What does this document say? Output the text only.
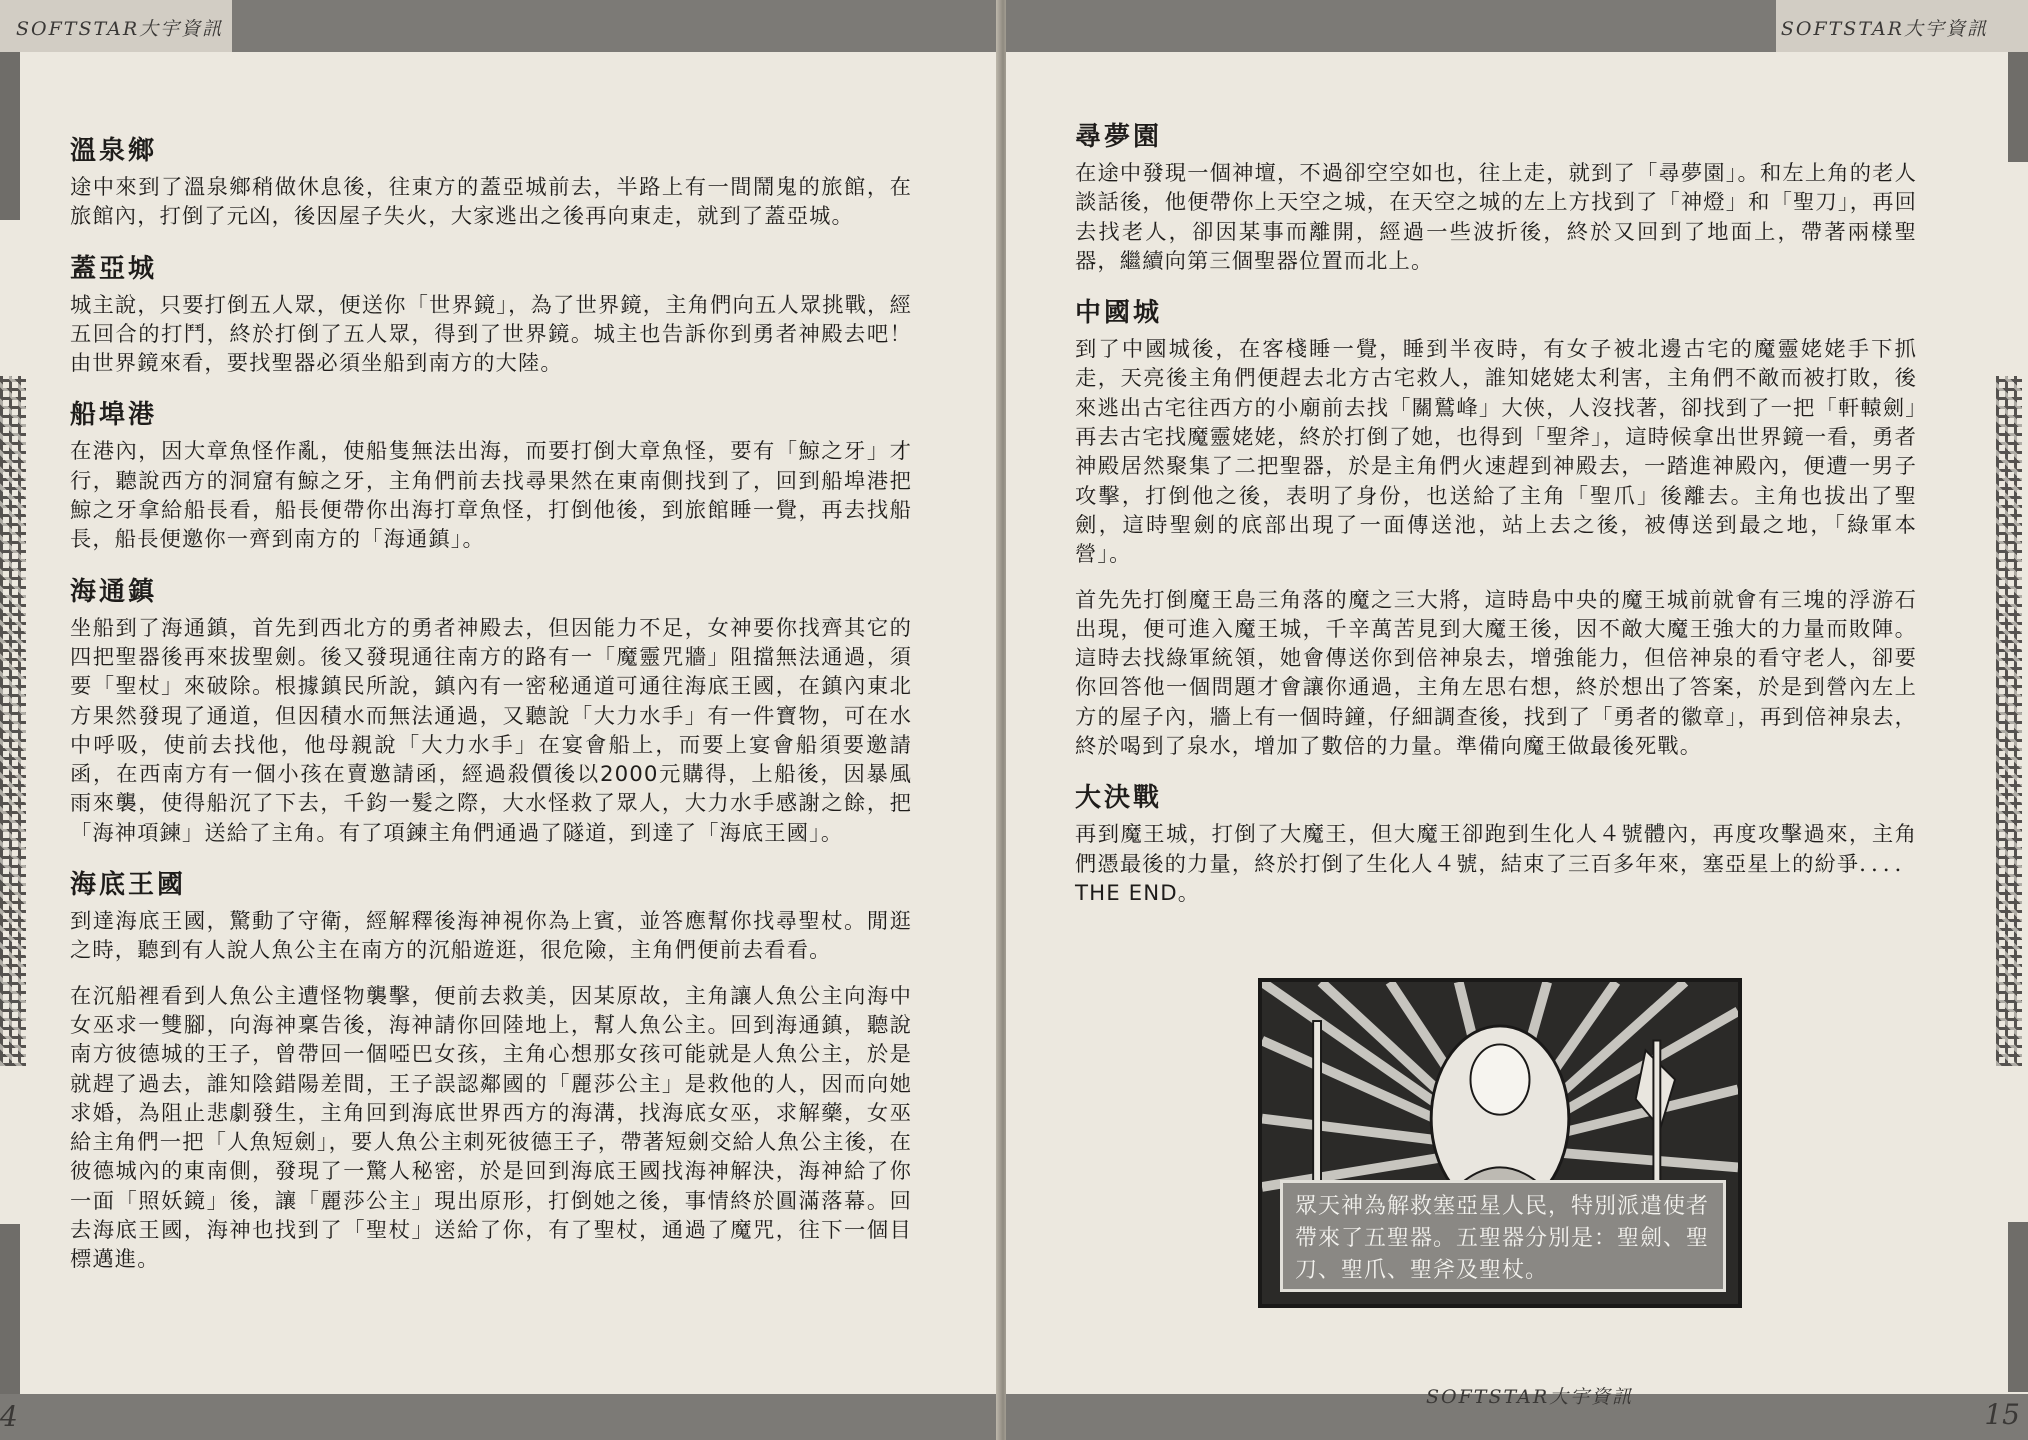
SOFTSTAR大宇資訊
4
溫泉鄉

途中來到了溫泉鄉稍做休息後，往東方的蓋亞城前去，半路上有一間鬧鬼的旅館，在旅館內，打倒了元凶，後因屋子失火，大家逃出之後再向東走，就到了蓋亞城。

蓋亞城

城主說，只要打倒五人眾，便送你「世界鏡」，為了世界鏡，主角們向五人眾挑戰，經五回合的打鬥，終於打倒了五人眾，得到了世界鏡。城主也告訴你到勇者神殿去吧！由世界鏡來看，要找聖器必須坐船到南方的大陸。

船埠港

在港內，因大章魚怪作亂，使船隻無法出海，而要打倒大章魚怪，要有「鯨之牙」才行，聽說西方的洞窟有鯨之牙，主角們前去找尋果然在東南側找到了，回到船埠港把鯨之牙拿給船長看，船長便帶你出海打章魚怪，打倒他後，到旅館睡一覺，再去找船長，船長便邀你一齊到南方的「海通鎮」。

海通鎮

坐船到了海通鎮，首先到西北方的勇者神殿去，但因能力不足，女神要你找齊其它的四把聖器後再來拔聖劍。後又發現通往南方的路有一「魔靈咒牆」阻擋無法通過，須要「聖杖」來破除。根據鎮民所說，鎮內有一密秘通道可通往海底王國，在鎮內東北方果然發現了通道，但因積水而無法通過，又聽說「大力水手」有一件寶物，可在水中呼吸，使前去找他，他母親說「大力水手」在宴會船上，而要上宴會船須要邀請函，在西南方有一個小孩在賣邀請函，經過殺價後以2000元購得，上船後，因暴風雨來襲，使得船沉了下去，千鈞一髮之際，大水怪救了眾人，大力水手感謝之餘，把「海神項鍊」送給了主角。有了項鍊主角們通過了隧道，到達了「海底王國」。

海底王國

到達海底王國，驚動了守衛，經解釋後海神視你為上賓，並答應幫你找尋聖杖。閒逛之時，聽到有人說人魚公主在南方的沉船遊逛，很危險，主角們便前去看看。

在沉船裡看到人魚公主遭怪物襲擊，便前去救美，因某原故，主角讓人魚公主向海中女巫求一雙腳，向海神稟告後，海神請你回陸地上，幫人魚公主。回到海通鎮，聽說南方彼德城的王子，曾帶回一個啞巴女孩，主角心想那女孩可能就是人魚公主，於是就趕了過去，誰知陰錯陽差間，王子誤認鄰國的「麗莎公主」是救他的人，因而向她求婚，為阻止悲劇發生，主角回到海底世界西方的海溝，找海底女巫，求解藥，女巫給主角們一把「人魚短劍」，要人魚公主刺死彼德王子，帶著短劍交給人魚公主後，在彼德城內的東南側，發現了一驚人秘密，於是回到海底王國找海神解決，海神給了你一面「照妖鏡」後，讓「麗莎公主」現出原形，打倒她之後，事情終於圓滿落幕。回去海底王國，海神也找到了「聖杖」送給了你，有了聖杖，通過了魔咒，往下一個目標邁進。

SOFTSTAR大宇資訊
SOFTSTAR大宇資訊
15
尋夢園

在途中發現一個神壇，不過卻空空如也，往上走，就到了「尋夢園」。和左上角的老人談話後，他便帶你上天空之城，在天空之城的左上方找到了「神燈」和「聖刀」，再回去找老人，卻因某事而離開，經過一些波折後，終於又回到了地面上，帶著兩樣聖器，繼續向第三個聖器位置而北上。

中國城

到了中國城後，在客棧睡一覺，睡到半夜時，有女子被北邊古宅的魔靈姥姥手下抓走，天亮後主角們便趕去北方古宅救人，誰知姥姥太利害，主角們不敵而被打敗，後來逃出古宅往西方的小廟前去找「關鷲峰」大俠，人沒找著，卻找到了一把「軒轅劍」再去古宅找魔靈姥姥，終於打倒了她，也得到「聖斧」，這時候拿出世界鏡一看，勇者神殿居然聚集了二把聖器，於是主角們火速趕到神殿去，一踏進神殿內，便遭一男子攻擊，打倒他之後，表明了身份，也送給了主角「聖爪」後離去。主角也拔出了聖劍，這時聖劍的底部出現了一面傳送池，站上去之後，被傳送到最之地，「綠軍本營」。

首先先打倒魔王島三角落的魔之三大將，這時島中央的魔王城前就會有三塊的浮游石出現，便可進入魔王城，千辛萬苦見到大魔王後，因不敵大魔王強大的力量而敗陣。這時去找綠軍統領，她會傳送你到倍神泉去，增強能力，但倍神泉的看守老人，卻要你回答他一個問題才會讓你通過，主角左思右想，終於想出了答案，於是到營內左上方的屋子內，牆上有一個時鐘，仔細調查後，找到了「勇者的徽章」，再到倍神泉去，終於喝到了泉水，增加了數倍的力量。準備向魔王做最後死戰。

大決戰

再到魔王城，打倒了大魔王，但大魔王卻跑到生化人４號體內，再度攻擊過來，主角們憑最後的力量，終於打倒了生化人４號，結束了三百多年來，塞亞星上的紛爭．．．．THE END。

眾天神為解救塞亞星人民，特別派遣使者
帶來了五聖器。五聖器分別是：聖劍、聖
刀、聖爪、聖斧及聖杖。
